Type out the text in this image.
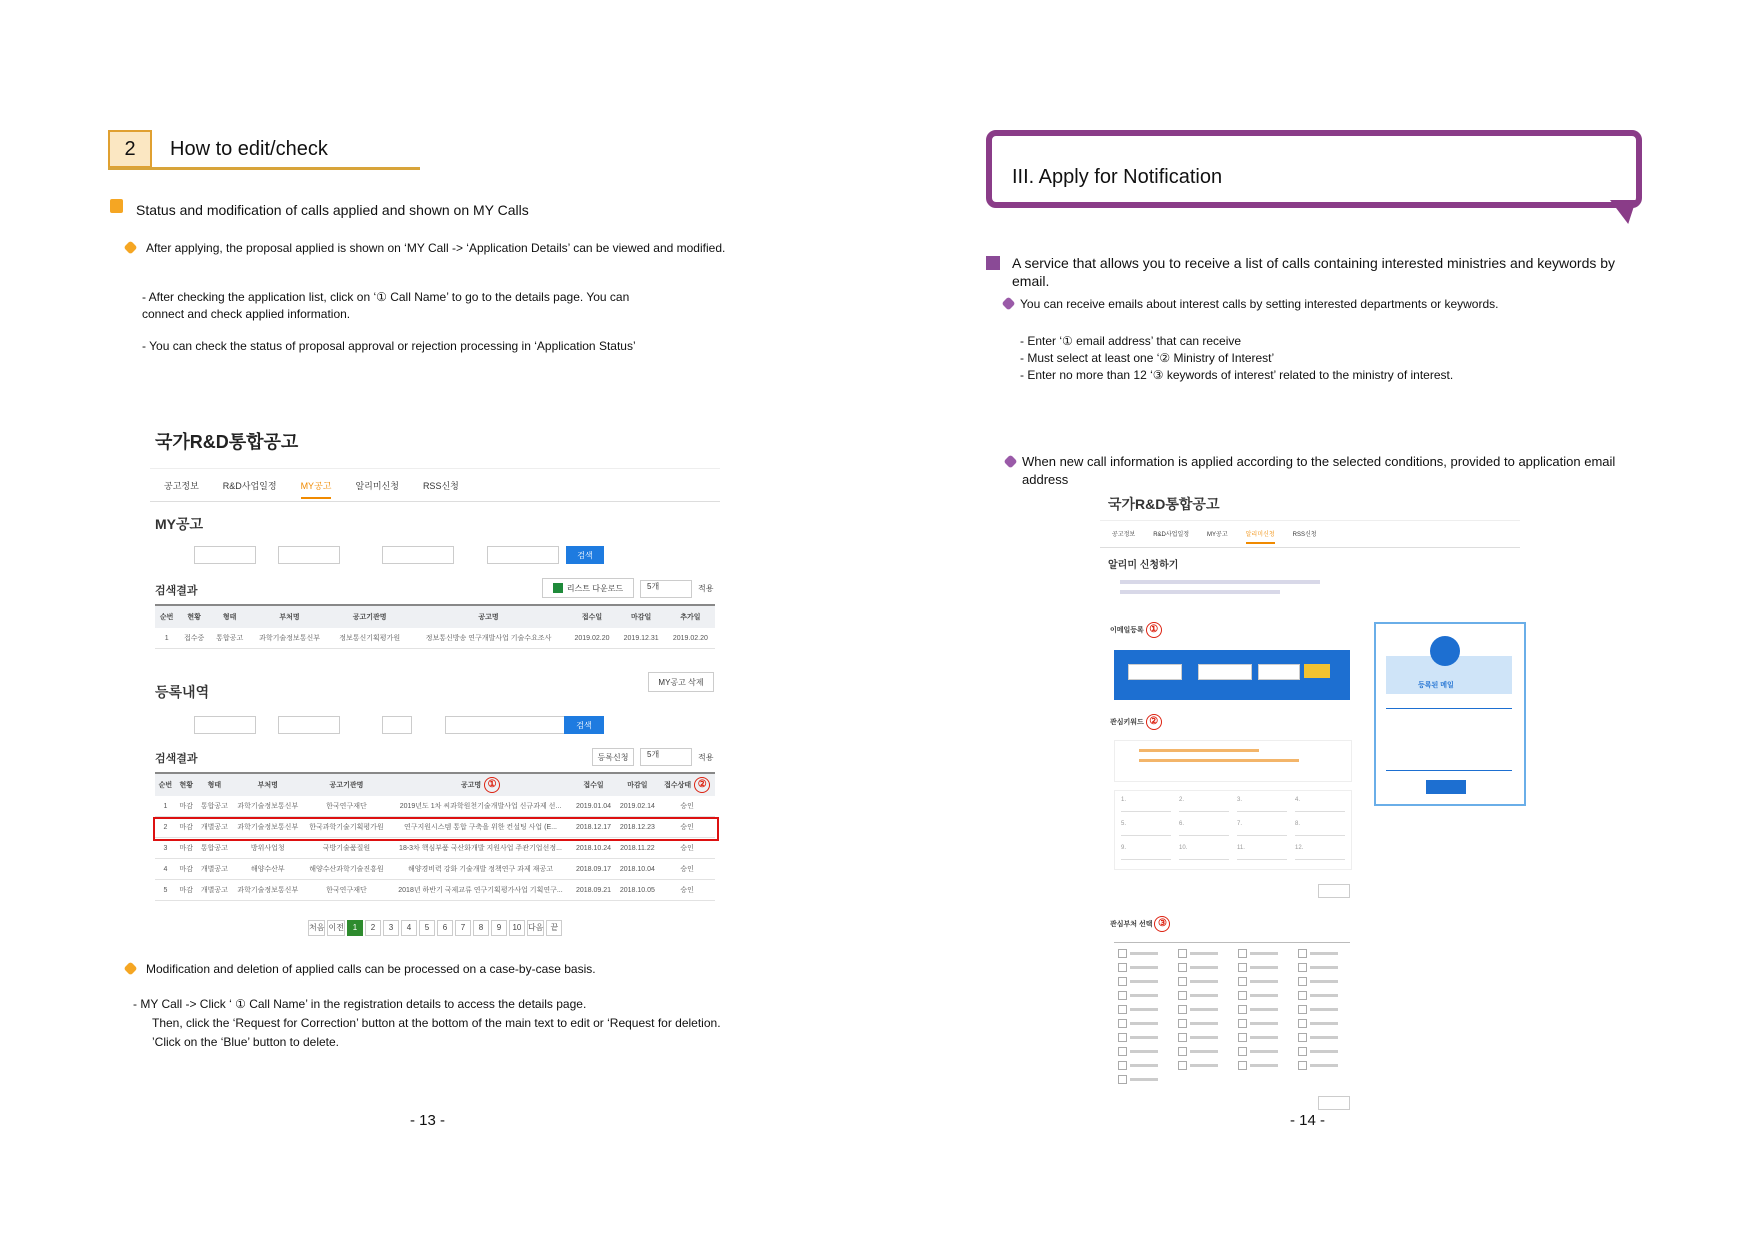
2	How to edit/check
Status and modification of calls applied and shown on MY Calls
After applying, the proposal applied is shown on ‘MY Call -> ‘Application Details’ can be viewed and modified.
- After checking the application list, click on ‘① Call Name’ to go to the details page. You can
connect and check applied information.
- You can check the status of proposal approval or rejection processing in ‘Application Status’
국가R&D통합공고
공고정보	R&D사업일정	MY공고	알리미신청	RSS신청
MY공고

검색
검색결과	리스트 다운로드	5개	적용
순번	현황	형태	부처명	공고기관명	공고명	접수일	마감일	추가일
1	접수중	통합공고	과학기술정보통신부	정보통신기획평가원	정보통신방송 연구개발사업 기술수요조사	2019.02.20	2019.12.31	2019.02.20
MY공고 삭제
등록내역

검색
검색결과	등록신청	5개	적용
순번	현황	형태	부처명	공고기관명	공고명 ①	접수일	마감일	접수상태 ②
1	마감	통합공고	과학기술정보통신부	한국연구재단	2019년도 1차 씨과학원천기술개발사업 신규과제 선...	2019.01.04	2019.02.14	승인
2	마감	개별공고	과학기술정보통신부	한국과학기술기획평가원	연구지원시스템 통합 구축을 위한 컨설팅 사업 (E...	2018.12.17	2018.12.23	승인
3	마감	통합공고	방위사업청	국방기술품질원	18-3차 핵심부품 국산화개발 지원사업 주관기업선정...	2018.10.24	2018.11.22	승인
4	마감	개별공고	해양수산부	해양수산과학기술진흥원	해양경비력 강화 기술개발 정책연구 과제 재공고	2018.09.17	2018.10.04	승인
5	마감	개별공고	과학기술정보통신부	한국연구재단	2018년 하반기 국제교류 연구기획평가사업 기획연구...	2018.09.21	2018.10.05	승인
처음 이전 1 2 3 4 5 6 7 8 9 10 다음 끝
Modification and deletion of applied calls can be processed on a case-by-case basis.
- MY Call -> Click ‘ ① Call Name’ in the registration details to access the details page.
Then, click the ‘Request for Correction’ button at the bottom of the main text to edit or ‘Request for deletion.
’Click on the ‘Blue’ button to delete.
- 13 -
III. Apply for Notification
A service that allows you to receive a list of calls containing interested ministries and keywords by
email.
You can receive emails about interest calls by setting interested departments or keywords.
- Enter ‘① email address’ that can receive
- Must select at least one ‘② Ministry of Interest’
- Enter no more than 12 ‘③ keywords of interest’ related to the ministry of interest.
When new call information is applied according to the selected conditions, provided to application email
address
국가R&D통합공고
공고정보	R&D사업일정	MY공고	알리미신청	RSS신청
알리미 신청하기
이메일등록 ①
등록된 메일
관심키워드 ②
1.	2.	3.	4.
5.	6.	7.	8.
9.	10.	11.	12.
관심부처 선택 ③
- 14 -
